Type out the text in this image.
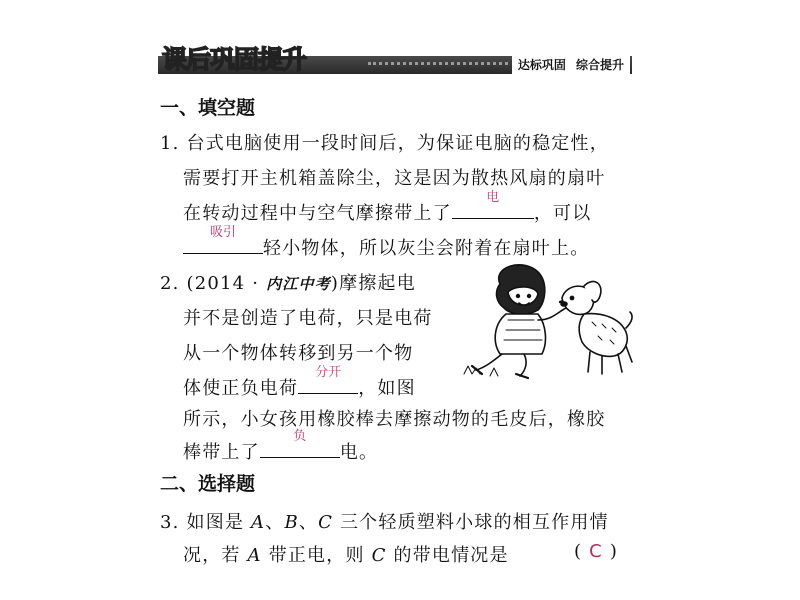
课后巩固提升	达标巩固 综合提升
一、填空题
1. 台式电脑使用一段时间后，为保证电脑的稳定性，
需要打开主机箱盖除尘，这是因为散热风扇的扇叶
在转动过程中与空气摩擦带上了
电
，可以
吸引
轻小物体，所以灰尘会附着在扇叶上。
2. (2014 · 内江中考)摩擦起电
并不是创造了电荷，只是电荷
从一个物体转移到另一个物
体使正负电荷
分开
，如图
所示，小女孩用橡胶棒去摩擦动物的毛皮后，橡胶
棒带上了
负
电。
二、选择题
3. 如图是 A、B、C 三个轻质塑料小球的相互作用情
况，若 A 带正电，则 C 的带电情况是	( C )
